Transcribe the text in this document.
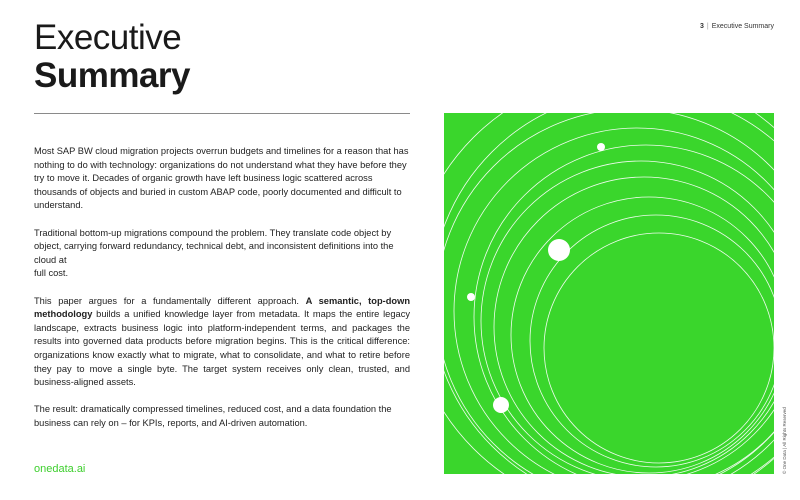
Executive
Summary
3 | Executive Summary

Most SAP BW cloud migration projects overrun budgets and timelines for a reason that has nothing to do with technology: organizations do not understand what they have before they try to move it. Decades of organic growth have left business logic scattered across thousands of objects and buried in custom ABAP code, poorly documented and difficult to understand.

Traditional bottom-up migrations compound the problem. They translate code object by object, carrying forward redundancy, technical debt, and inconsistent definitions into the cloud at
full cost.

This paper argues for a fundamentally different approach. A semantic, top-down methodology builds a unified knowledge layer from metadata. It maps the entire legacy landscape, extracts business logic into platform-independent terms, and packages the results into governed data products before migration begins. This is the critical difference: organizations know exactly what to migrate, what to consolidate, and what to retire before they pay to move a single byte. The target system receives only clean, trusted, and business-aligned assets.

The result: dramatically compressed timelines, reduced cost, and a data foundation the business can rely on – for KPIs, reports, and AI-driven automation.

onedata.ai	© One Data | All Rights Reserved
